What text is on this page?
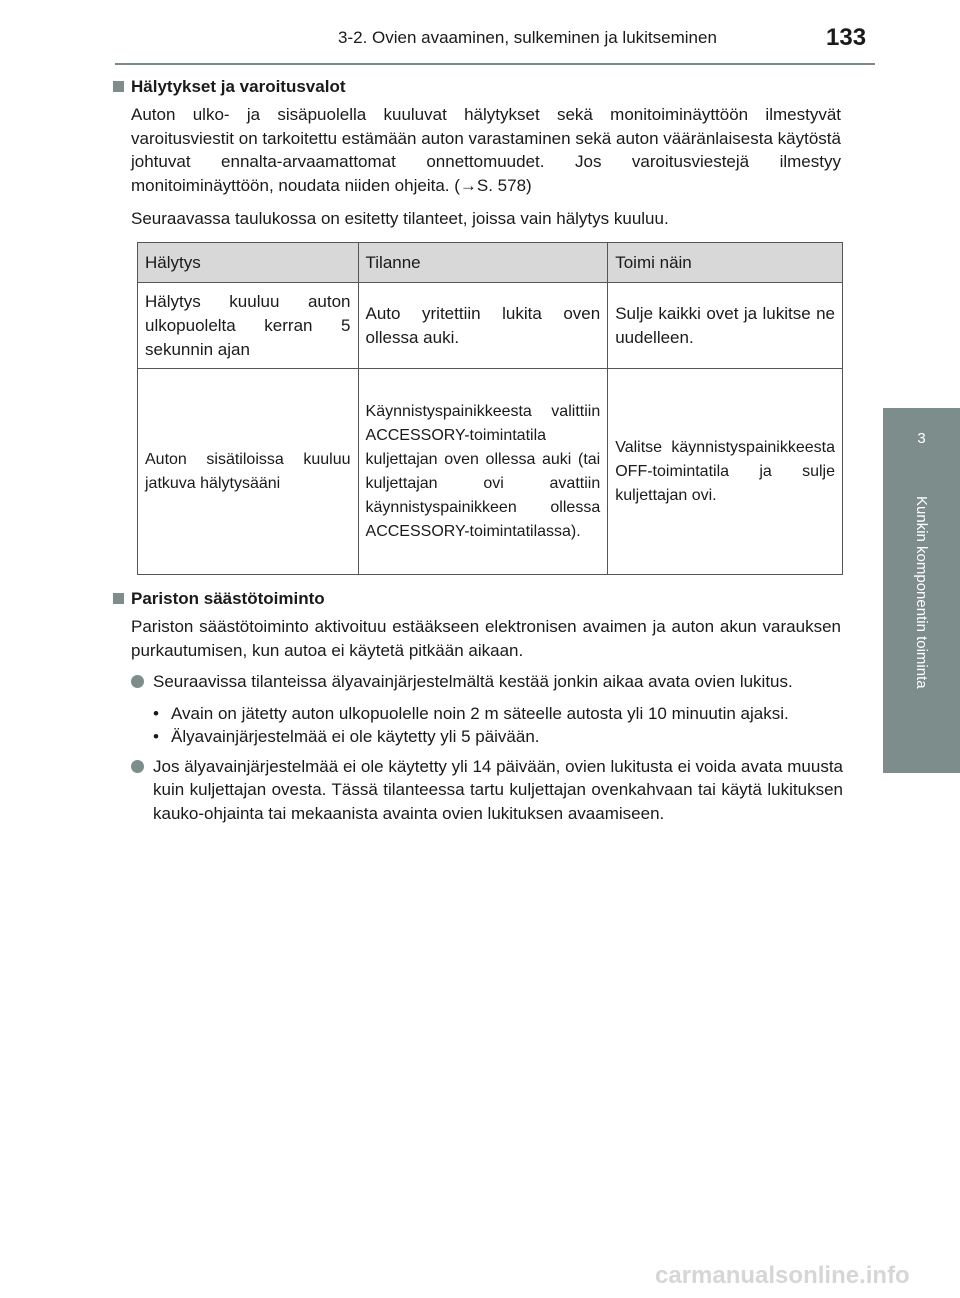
3-2. Ovien avaaminen, sulkeminen ja lukitseminen	133
3
Kunkin komponentin toiminta
Hälytykset ja varoitusvalot
Auton ulko- ja sisäpuolella kuuluvat hälytykset sekä monitoiminäyttöön ilmestyvät varoitusviestit on tarkoitettu estämään auton varastaminen sekä auton vääränlaisesta käytöstä johtuvat ennalta-arvaamattomat onnettomuudet. Jos varoitusviestejä ilmestyy monitoiminäyttöön, noudata niiden ohjeita. (→S. 578)
Seuraavassa taulukossa on esitetty tilanteet, joissa vain hälytys kuuluu.
Hälytys	Tilanne	Toimi näin
Hälytys kuuluu auton ulkopuolelta kerran 5 sekunnin ajan	Auto yritettiin lukita oven ollessa auki.	Sulje kaikki ovet ja lukitse ne uudelleen.
Auton sisätiloissa kuuluu jatkuva hälytysääni	Käynnistyspainikkeesta valittiin ACCESSORY-toimintatila kuljettajan oven ollessa auki (tai kuljettajan ovi avattiin käynnistyspainikkeen ollessa ACCESSORY-toimintatilassa).	Valitse käynnistyspainikkeesta OFF-toimintatila ja sulje kuljettajan ovi.
Pariston säästötoiminto
Pariston säästötoiminto aktivoituu estääkseen elektronisen avaimen ja auton akun varauksen purkautumisen, kun autoa ei käytetä pitkään aikaan.
Seuraavissa tilanteissa älyavainjärjestelmältä kestää jonkin aikaa avata ovien lukitus.
• Avain on jätetty auton ulkopuolelle noin 2 m säteelle autosta yli 10 minuutin ajaksi.
• Älyavainjärjestelmää ei ole käytetty yli 5 päivään.
Jos älyavainjärjestelmää ei ole käytetty yli 14 päivään, ovien lukitusta ei voida avata muusta kuin kuljettajan ovesta. Tässä tilanteessa tartu kuljettajan ovenkahvaan tai käytä lukituksen kauko-ohjainta tai mekaanista avainta ovien lukituksen avaamiseen.
carmanualsonline.info
